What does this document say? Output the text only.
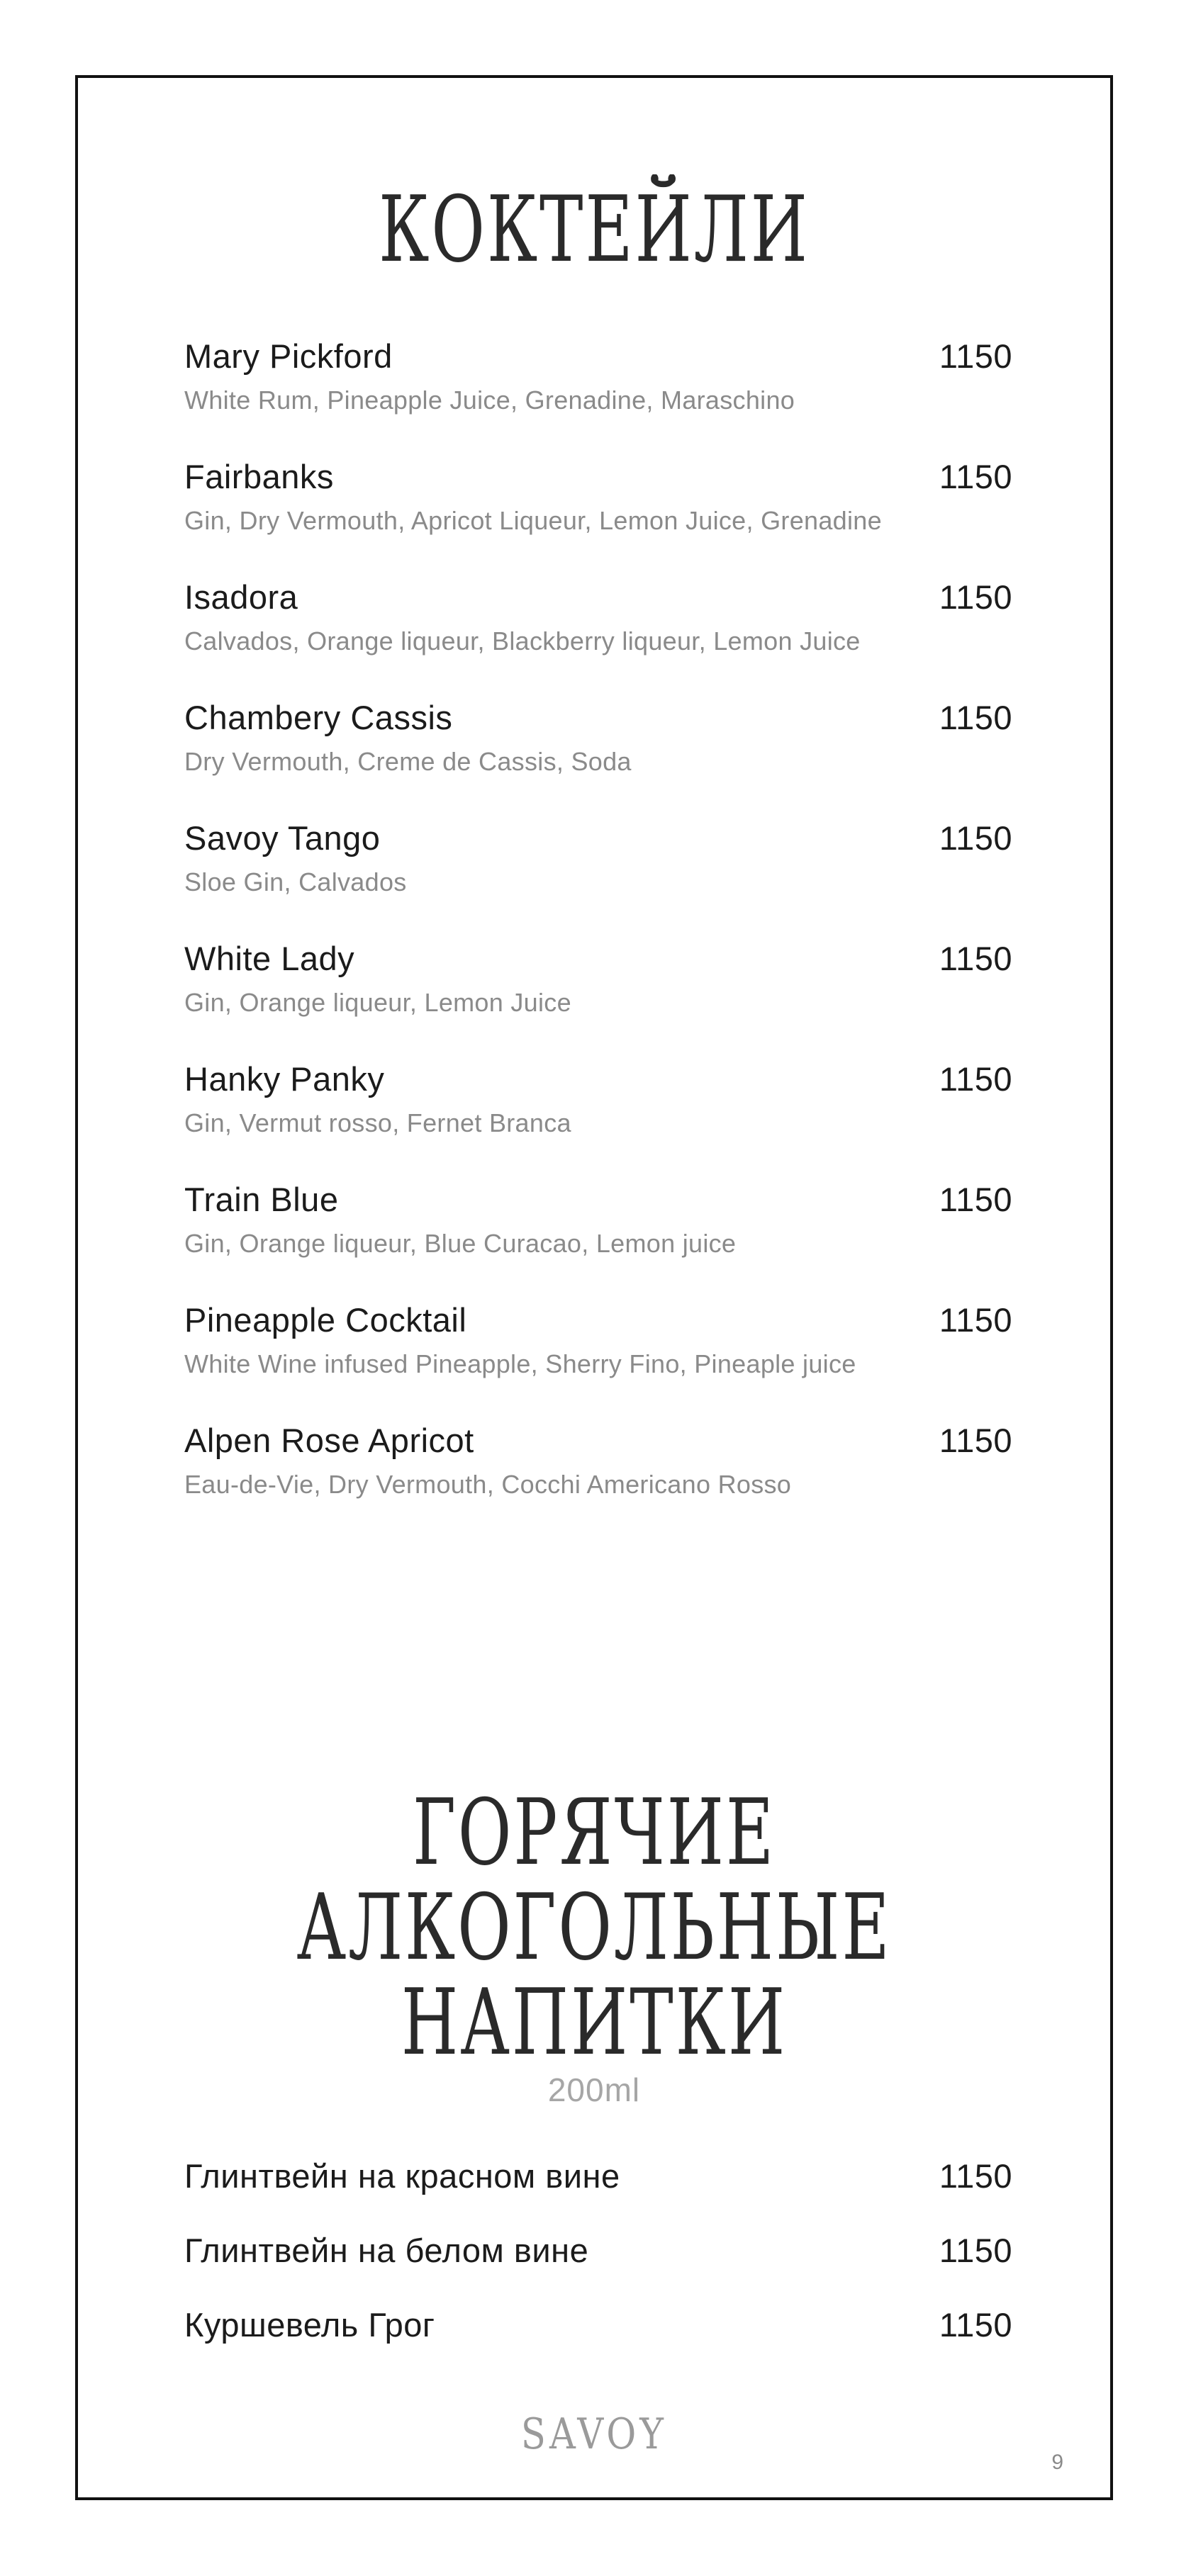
КОКТЕЙЛИ
Mary Pickford	1150
White Rum, Pineapple Juice, Grenadine, Maraschino
Fairbanks	1150
Gin, Dry Vermouth, Apricot Liqueur, Lemon Juice, Grenadine
Isadora	1150
Calvados, Orange liqueur, Blackberry liqueur, Lemon Juice
Chambery Cassis	1150
Dry Vermouth, Creme de Cassis, Soda
Savoy Tango	1150
Sloe Gin, Calvados
White Lady	1150
Gin, Orange liqueur, Lemon Juice
Hanky Panky	1150
Gin, Vermut rosso, Fernet Branca
Train Blue	1150
Gin, Orange liqueur, Blue Curacao, Lemon juice
Pineapple Cocktail	1150
White Wine infused Pineapple, Sherry Fino, Pineaple juice
Alpen Rose Apricot	1150
Eau-de-Vie, Dry Vermouth, Cocchi Americano Rosso
ГОРЯЧИЕ
АЛКОГОЛЬНЫЕ
НАПИТКИ
200ml
Глинтвейн на красном вине	1150
Глинтвейн на белом вине	1150
Куршевель Грог	1150
SAVOY
9
